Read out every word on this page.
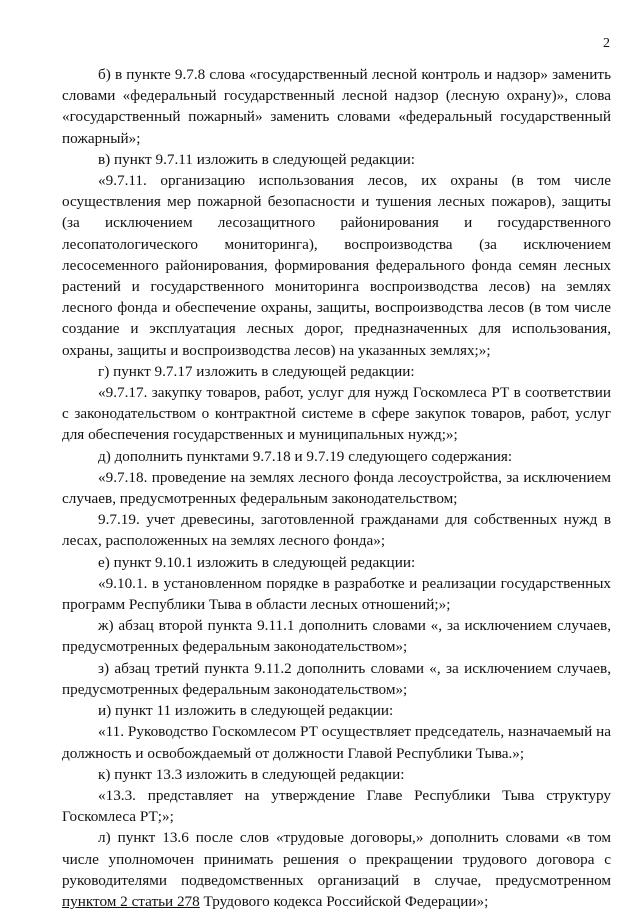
2

б) в пункте 9.7.8 слова «государственный лесной контроль и надзор» заменить словами «федеральный государственный лесной надзор (лесную охрану)», слова «государственный пожарный» заменить словами «федеральный государственный пожарный»;

в) пункт 9.7.11 изложить в следующей редакции:

«9.7.11. организацию использования лесов, их охраны (в том числе осуществления мер пожарной безопасности и тушения лесных пожаров), защиты (за исключением лесозащитного районирования и государственного лесопатологического мониторинга), воспроизводства (за исключением лесосеменного районирования, формирования федерального фонда семян лесных растений и государственного мониторинга воспроизводства лесов) на землях лесного фонда и обеспечение охраны, защиты, воспроизводства лесов (в том числе создание и эксплуатация лесных дорог, предназначенных для использования, охраны, защиты и воспроизводства лесов) на указанных землях;»;

г) пункт 9.7.17 изложить в следующей редакции:

«9.7.17. закупку товаров, работ, услуг для нужд Госкомлеса РТ в соответствии с законодательством о контрактной системе в сфере закупок товаров, работ, услуг для обеспечения государственных и муниципальных нужд;»;

д) дополнить пунктами 9.7.18 и 9.7.19 следующего содержания:

«9.7.18. проведение на землях лесного фонда лесоустройства, за исключением случаев, предусмотренных федеральным законодательством;

9.7.19. учет древесины, заготовленной гражданами для собственных нужд в лесах, расположенных на землях лесного фонда»;

е) пункт 9.10.1 изложить в следующей редакции:

«9.10.1. в установленном порядке в разработке и реализации государственных программ Республики Тыва в области лесных отношений;»;

ж) абзац второй пункта 9.11.1 дополнить словами «, за исключением случаев, предусмотренных федеральным законодательством»;

з) абзац третий пункта 9.11.2 дополнить словами «, за исключением случаев, предусмотренных федеральным законодательством»;

и) пункт 11 изложить в следующей редакции:

«11. Руководство Госкомлесом РТ осуществляет председатель, назначаемый на должность и освобождаемый от должности Главой Республики Тыва.»;

к) пункт 13.3 изложить в следующей редакции:

«13.3. представляет на утверждение Главе Республики Тыва структуру Госкомлеса РТ;»;

л) пункт 13.6 после слов «трудовые договоры,» дополнить словами «в том числе уполномочен принимать решения о прекращении трудового договора с руководителями подведомственных организаций в случае, предусмотренном пунктом 2 статьи 278 Трудового кодекса Российской Федерации»;
